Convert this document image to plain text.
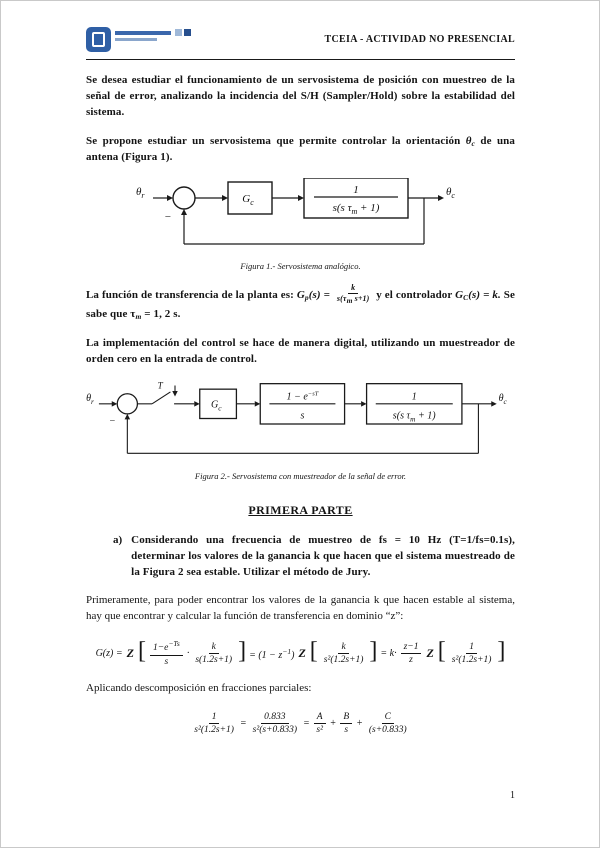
TCEIA - ACTIVIDAD NO PRESENCIAL

Se desea estudiar el funcionamiento de un servosistema de posición con muestreo de la señal de error, analizando la incidencia del S/H (Sampler/Hold) sobre la estabilidad del sistema.

Se propone estudiar un servosistema que permite controlar la orientación $\theta_c$ de una antena (Figura 1).

$\theta_r$	$G_c$
1
s(s $\tau_m + 1$)
$\theta_c$
−
Figura 1.- Servosistema analógico.

La función de transferencia de la planta es: $G_p(s) = \frac{k}{s(\tau_m s+1)}$ y el controlador $G_C(s) = k$. Se sabe que $\tau_m = 1$, 2 s.

La implementación del control se hace de manera digital, utilizando un muestreador de orden cero en la entrada de control.

$\theta_r$
T
$G_c$
$1 - e^{-sT}$
s
1
s(s $\tau_m + 1$)
$\theta_c$
−
Figura 2.- Servosistema con muestreador de la señal de error.
PRIMERA PARTE
a) Considerando una frecuencia de muestreo de fs = 10 Hz (T=1/fs=0.1s), determinar los valores de la ganancia k que hacen que el sistema muestreado de la Figura 2 sea estable. Utilizar el método de Jury.

Primeramente, para poder encontrar los valores de la ganancia k que hacen estable al sistema, hay que encontrar y calcular la función de transferencia en dominio “z”:

G(z) = Z [ $\frac{1-e^{-Ts}}{s} \cdot \frac{k}{s(1.2s+1)}$ ] = $(1 - z^{-1})$ Z [ $\frac{k}{\text{s²(1.2s+1)}}$ ] = $k\cdot \frac{z-1}{z}$ Z [ $\frac{1}{\text{s²(1.2s+1)}}$ ]

Aplicando descomposición en fracciones parciales:

$\frac{1}{\text{s²(1.2s+1)}} = \frac{0.833}{\text{s²(s+0.833)}} = \frac{A}{\text{s²}} + \frac{B}{s} + \frac{C}{(s+0.833)}$
1
